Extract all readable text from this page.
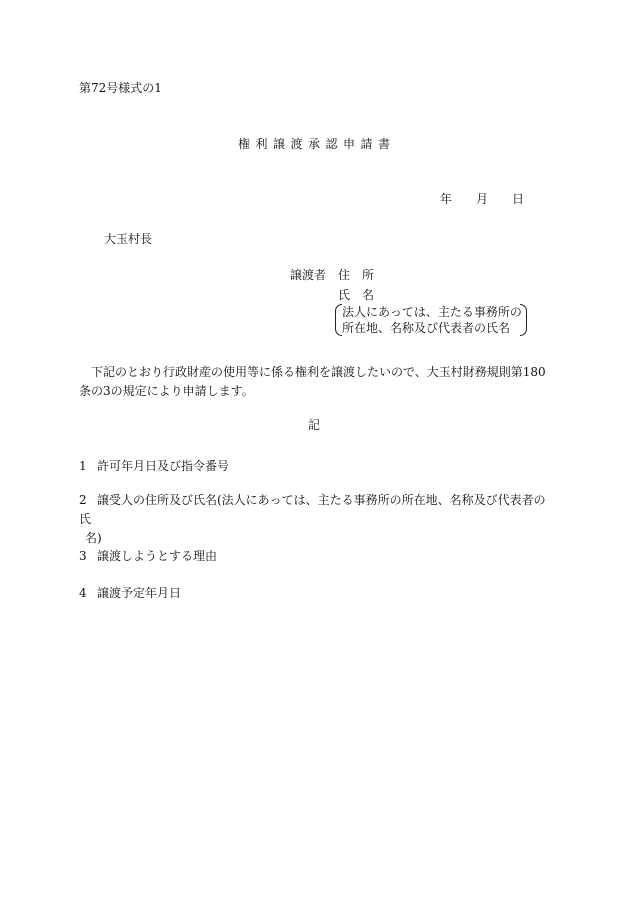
第72号様式の1
権利譲渡承認申請書
年 月 日
大玉村長
譲渡者 住 所
氏 名
法人にあっては、主たる事務所の
所在地、名称及び代表者の氏名
下記のとおり行政財産の使用等に係る権利を譲渡したいので、大玉村財務規則第180条の3の規定により申請します。
記
1 許可年月日及び指令番号
2 譲受人の住所及び氏名(法人にあっては、主たる事務所の所在地、名称及び代表者の氏
名)
3 譲渡しようとする理由
4 譲渡予定年月日
